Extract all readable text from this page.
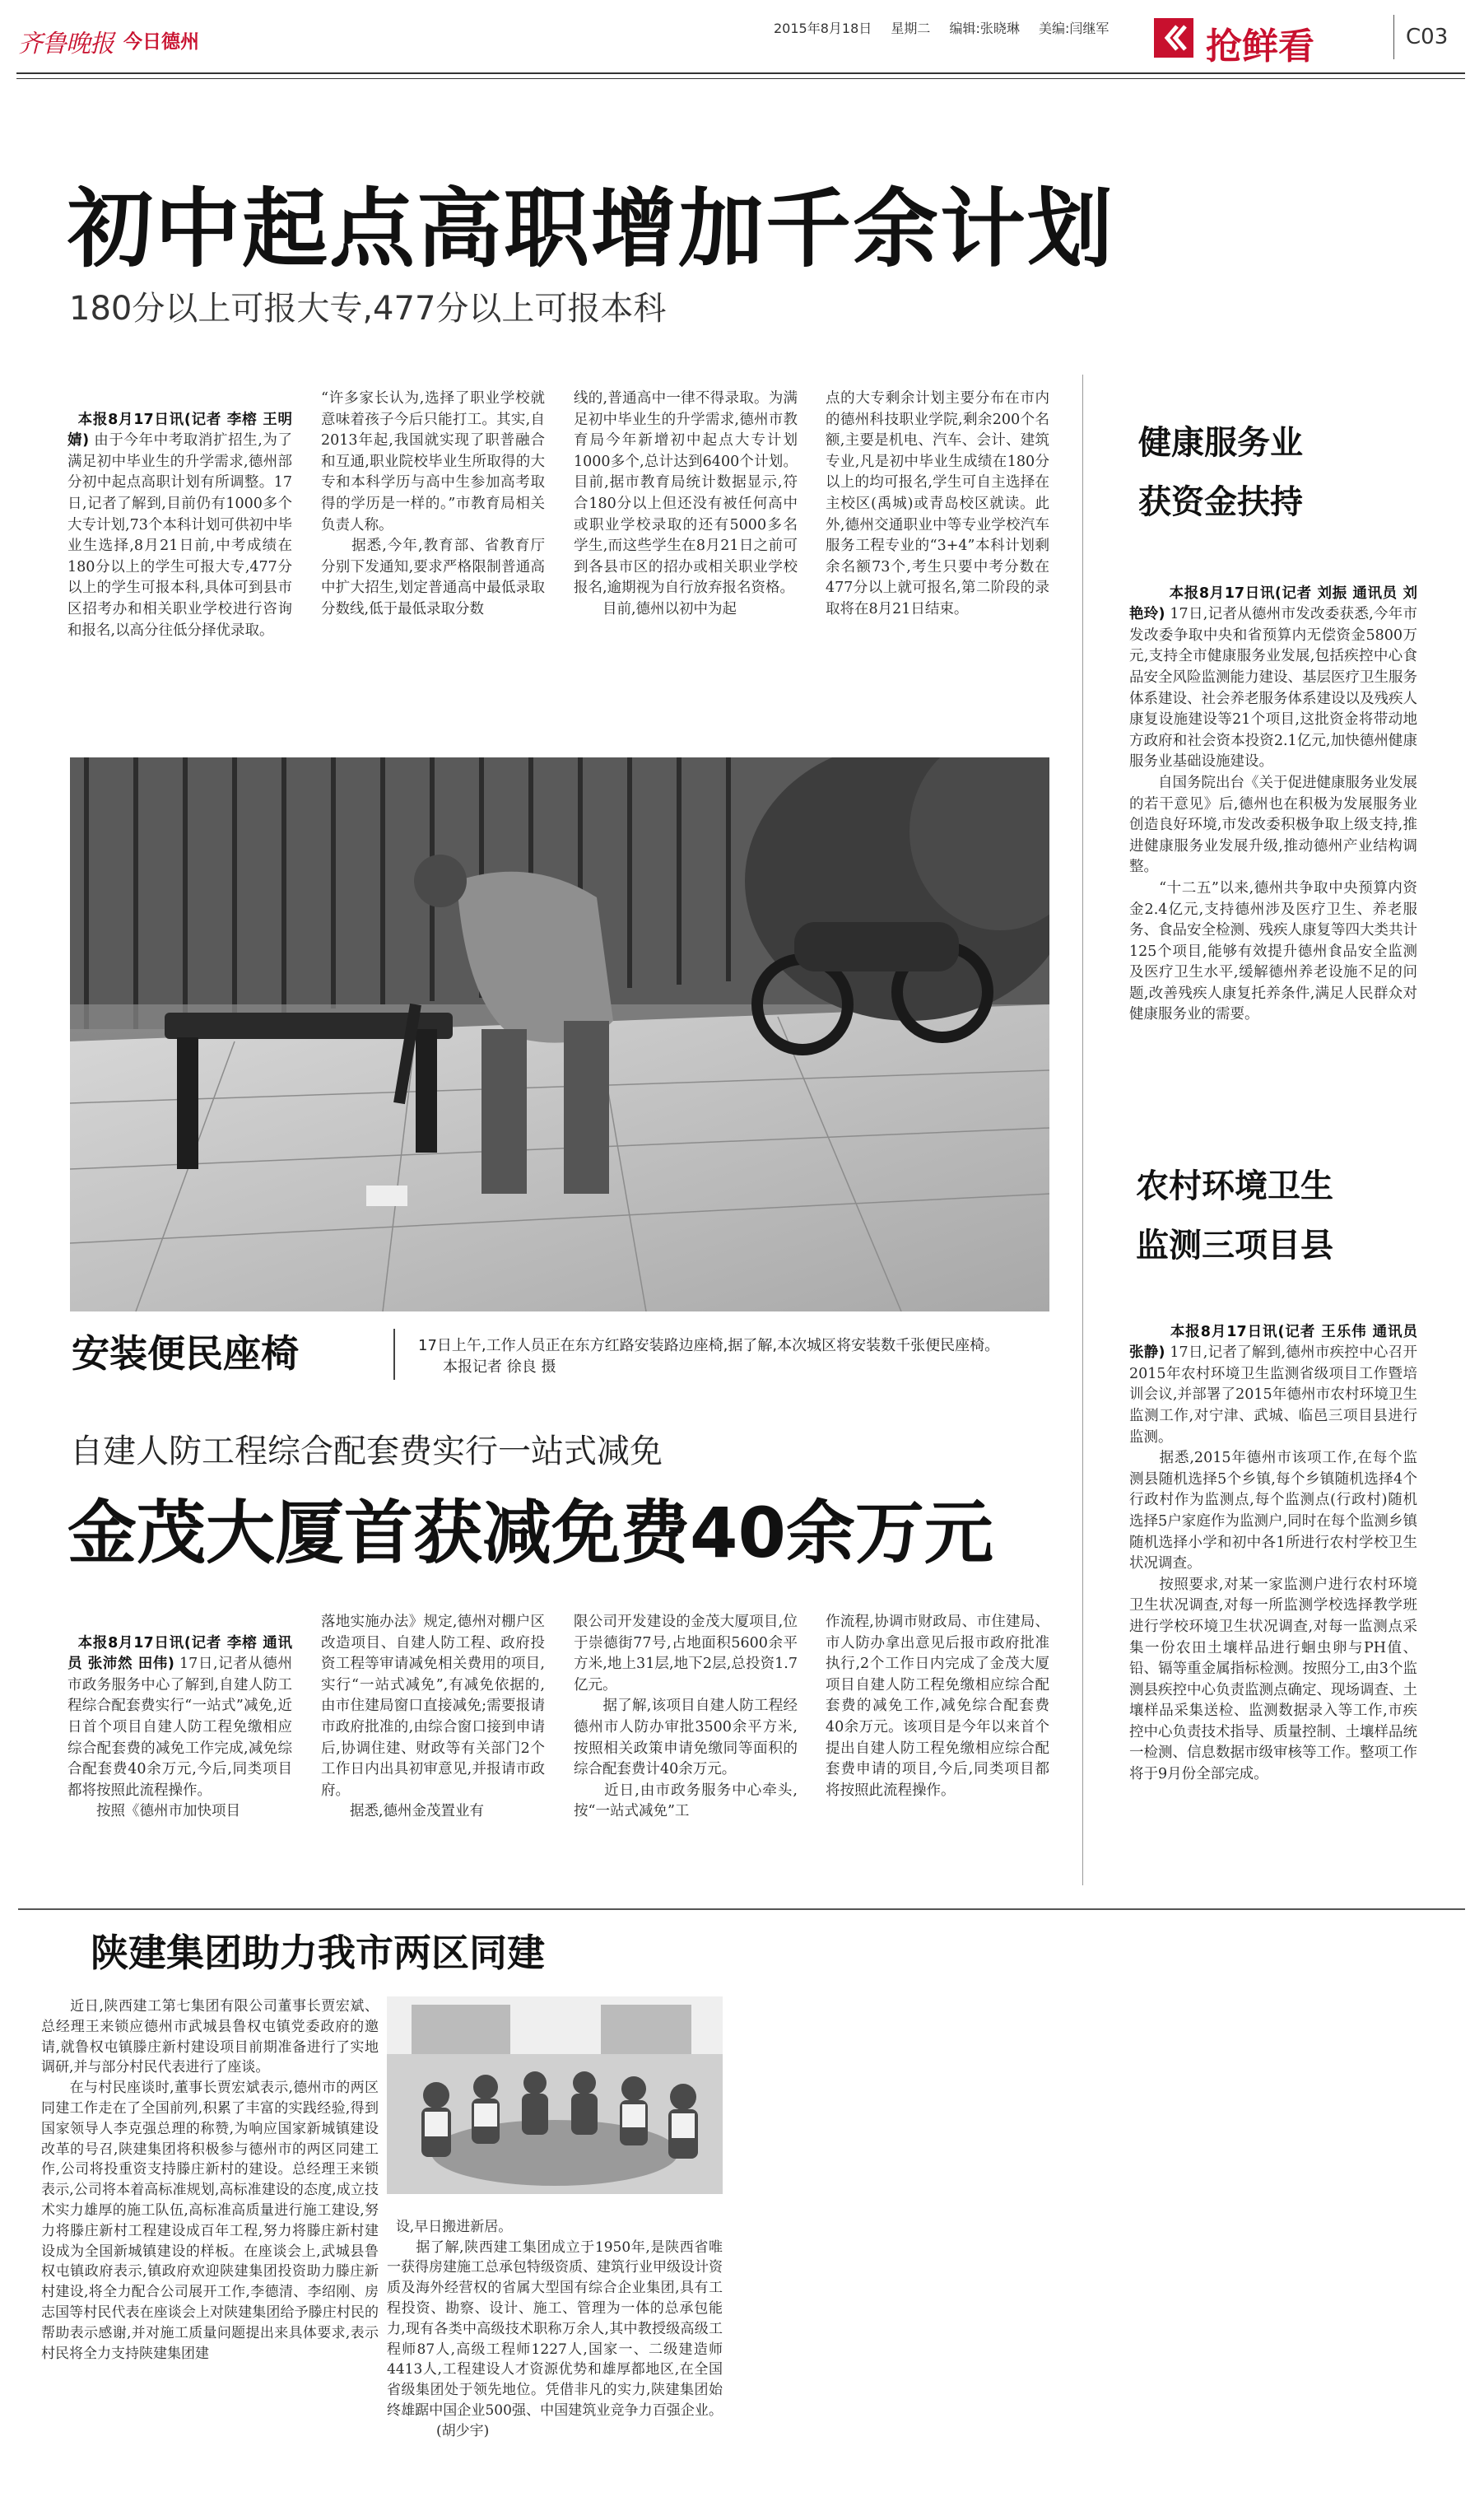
齐鲁晚报 今日德州
2015年8月18日 星期二 编辑:张晓琳 美编:闫继军	抢鲜看	C03
初中起点高职增加千余计划
180分以上可报大专,477分以上可报本科

本报8月17日讯(记者 李榕 王明婧) 由于今年中考取消扩招生,为了满足初中毕业生的升学需求,德州部分初中起点高职计划有所调整。17日,记者了解到,目前仍有1000多个大专计划,73个本科计划可供初中毕业生选择,8月21日前,中考成绩在180分以上的学生可报大专,477分以上的学生可报本科,具体可到县市区招考办和相关职业学校进行咨询和报名,以高分往低分择优录取。

“许多家长认为,选择了职业学校就意味着孩子今后只能打工。其实,自2013年起,我国就实现了职普融合和互通,职业院校毕业生所取得的大专和本科学历与高中生参加高考取得的学历是一样的。”市教育局相关负责人称。
　　据悉,今年,教育部、省教育厅分别下发通知,要求严格限制普通高中扩大招生,划定普通高中最低录取分数线,低于最低录取分数
线的,普通高中一律不得录取。为满足初中毕业生的升学需求,德州市教育局今年新增初中起点大专计划1000多个,总计达到6400个计划。目前,据市教育局统计数据显示,符合180分以上但还没有被任何高中或职业学校录取的还有5000多名学生,而这些学生在8月21日之前可到各县市区的招办或相关职业学校报名,逾期视为自行放弃报名资格。
　　目前,德州以初中为起
点的大专剩余计划主要分布在市内的德州科技职业学院,剩余200个名额,主要是机电、汽车、会计、建筑专业,凡是初中毕业生成绩在180分以上的均可报名,学生可自主选择在主校区(禹城)或青岛校区就读。此外,德州交通职业中等专业学校汽车服务工程专业的“3+4”本科计划剩余名额73个,考生只要中考分数在477分以上就可报名,第二阶段的录取将在8月21日结束。
安装便民座椅	17日上午,工作人员正在东方红路安装路边座椅,据了解,本次城区将安装数千张便民座椅。 本报记者 徐良 摄
健康服务业
获资金扶持

　　本报8月17日讯(记者 刘振 通讯员 刘艳玲) 17日,记者从德州市发改委获悉,今年市发改委争取中央和省预算内无偿资金5800万元,支持全市健康服务业发展,包括疾控中心食品安全风险监测能力建设、基层医疗卫生服务体系建设、社会养老服务体系建设以及残疾人康复设施建设等21个项目,这批资金将带动地方政府和社会资本投资2.1亿元,加快德州健康服务业基础设施建设。
　　自国务院出台《关于促进健康服务业发展的若干意见》后,德州也在积极为发展服务业创造良好环境,市发改委积极争取上级支持,推进健康服务业发展升级,推动德州产业结构调整。
　　“十二五”以来,德州共争取中央预算内资金2.4亿元,支持德州涉及医疗卫生、养老服务、食品安全检测、残疾人康复等四大类共计125个项目,能够有效提升德州食品安全监测及医疗卫生水平,缓解德州养老设施不足的问题,改善残疾人康复托养条件,满足人民群众对健康服务业的需要。

农村环境卫生
监测三项目县

　　本报8月17日讯(记者 王乐伟 通讯员 张静) 17日,记者了解到,德州市疾控中心召开2015年农村环境卫生监测省级项目工作暨培训会议,并部署了2015年德州市农村环境卫生监测工作,对宁津、武城、临邑三项目县进行监测。
　　据悉,2015年德州市该项工作,在每个监测县随机选择5个乡镇,每个乡镇随机选择4个行政村作为监测点,每个监测点(行政村)随机选择5户家庭作为监测户,同时在每个监测乡镇随机选择小学和初中各1所进行农村学校卫生状况调查。
　　按照要求,对某一家监测户进行农村环境卫生状况调查,对每一所监测学校选择教学班进行学校环境卫生状况调查,对每一监测点采集一份农田土壤样品进行蛔虫卵与PH值、铅、镉等重金属指标检测。按照分工,由3个监测县疾控中心负责监测点确定、现场调查、土壤样品采集送检、监测数据录入等工作,市疾控中心负责技术指导、质量控制、土壤样品统一检测、信息数据市级审核等工作。整项工作将于9月份全部完成。

自建人防工程综合配套费实行一站式减免
金茂大厦首获减免费40余万元

本报8月17日讯(记者 李榕 通讯员 张沛然 田伟) 17日,记者从德州市政务服务中心了解到,自建人防工程综合配套费实行“一站式”减免,近日首个项目自建人防工程免缴相应综合配套费的减免工作完成,减免综合配套费40余万元,今后,同类项目都将按照此流程操作。
　　按照《德州市加快项目

落地实施办法》规定,德州对棚户区改造项目、自建人防工程、政府投资工程等审请减免相关费用的项目,实行“一站式减免”,有减免依据的,由市住建局窗口直接减免;需要报请市政府批准的,由综合窗口接到申请后,协调住建、财政等有关部门2个工作日内出具初审意见,并报请市政府。
　　据悉,德州金茂置业有
限公司开发建设的金茂大厦项目,位于崇德街77号,占地面积5600余平方米,地上31层,地下2层,总投资1.7亿元。
　　据了解,该项目自建人防工程经德州市人防办审批3500余平方米,按照相关政策申请免缴同等面积的综合配套费计40余万元。
　　近日,由市政务服务中心牵头,按“一站式减免”工
作流程,协调市财政局、市住建局、市人防办拿出意见后报市政府批准执行,2个工作日内完成了金茂大厦项目自建人防工程免缴相应综合配套费的减免工作,减免综合配套费40余万元。该项目是今年以来首个提出自建人防工程免缴相应综合配套费申请的项目,今后,同类项目都将按照此流程操作。
陕建集团助力我市两区同建
　　近日,陕西建工第七集团有限公司董事长贾宏斌、总经理王来锁应德州市武城县鲁权屯镇党委政府的邀请,就鲁权屯镇滕庄新村建设项目前期准备进行了实地调研,并与部分村民代表进行了座谈。
　　在与村民座谈时,董事长贾宏斌表示,德州市的两区同建工作走在了全国前列,积累了丰富的实践经验,得到国家领导人李克强总理的称赞,为响应国家新城镇建设改革的号召,陕建集团将积极参与德州市的两区同建工作,公司将投重资支持滕庄新村的建设。总经理王来锁表示,公司将本着高标准规划,高标准建设的态度,成立技术实力雄厚的施工队伍,高标准高质量进行施工建设,努力将滕庄新村工程建设成百年工程,努力将滕庄新村建设成为全国新城镇建设的样板。在座谈会上,武城县鲁权屯镇政府表示,镇政府欢迎陕建集团投资助力滕庄新村建设,将全力配合公司展开工作,李德清、李绍刚、房志国等村民代表在座谈会上对陕建集团给予滕庄村民的帮助表示感谢,并对施工质量问题提出来具体要求,表示村民将全力支持陕建集团建

设,早日搬进新居。
　　据了解,陕西建工集团成立于1950年,是陕西省唯一获得房建施工总承包特级资质、建筑行业甲级设计资质及海外经营权的省属大型国有综合企业集团,具有工程投资、勘察、设计、施工、管理为一体的总承包能力,现有各类中高级技术职称万余人,其中教授级高级工程师87人,高级工程师1227人,国家一、二级建造师4413人,工程建设人才资源优势和雄厚都地区,在全国省级集团处于领先地位。凭借非凡的实力,陕建集团始终雄踞中国企业500强、中国建筑业竞争力百强企业。(胡少宇)
